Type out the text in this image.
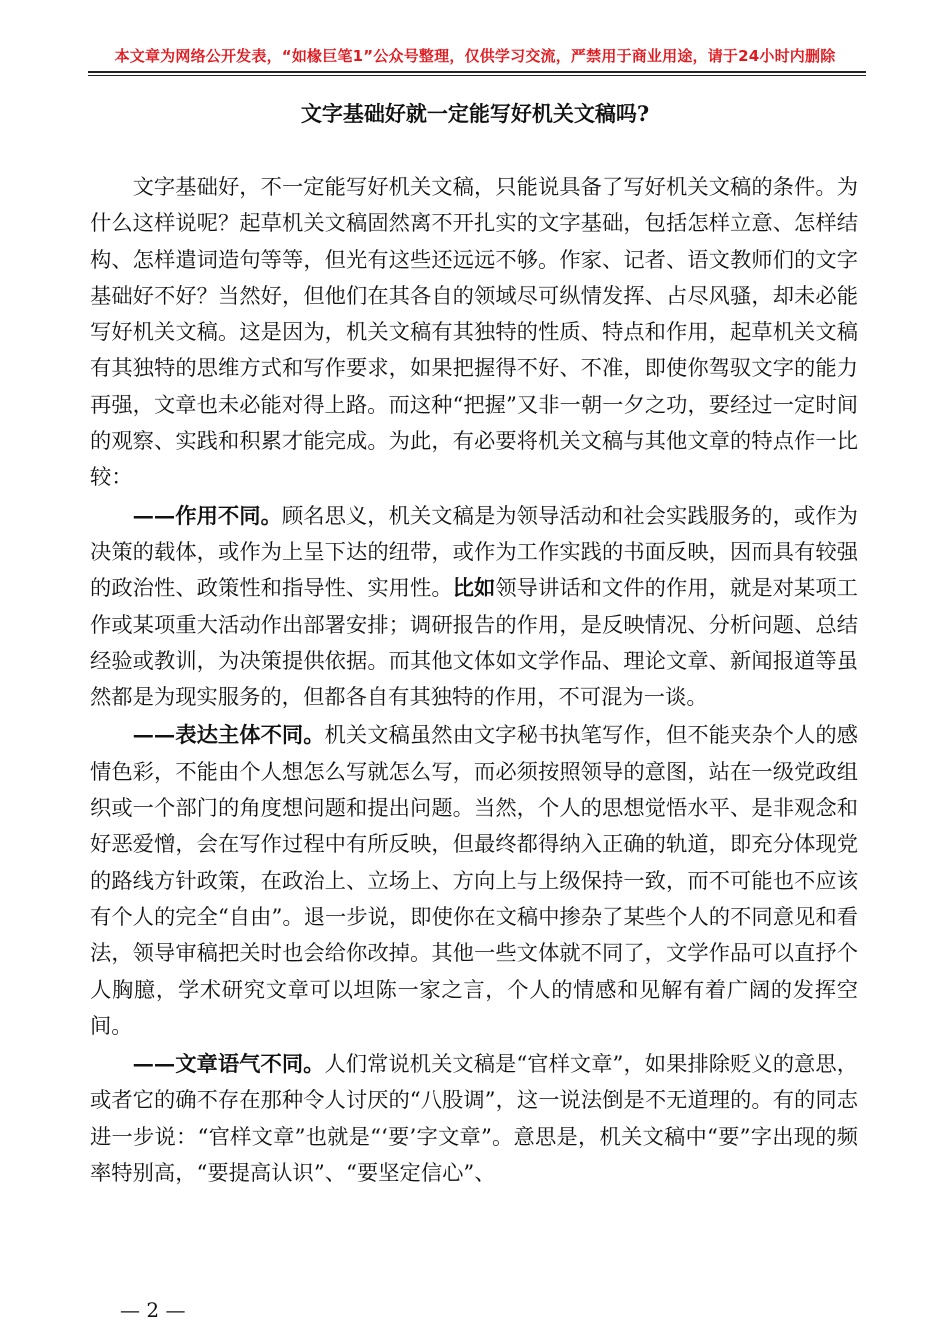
本文章为网络公开发表，“如椽巨笔1”公众号整理，仅供学习交流，严禁用于商业用途，请于24小时内删除
文字基础好就一定能写好机关文稿吗?

文字基础好，不一定能写好机关文稿，只能说具备了写好机关文稿的条件。为什么这样说呢？起草机关文稿固然离不开扎实的文字基础，包括怎样立意、怎样结构、怎样遣词造句等等，但光有这些还远远不够。作家、记者、语文教师们的文字基础好不好？当然好，但他们在其各自的领域尽可纵情发挥、占尽风骚，却未必能写好机关文稿。这是因为，机关文稿有其独特的性质、特点和作用，起草机关文稿有其独特的思维方式和写作要求，如果把握得不好、不准，即使你驾驭文字的能力再强，文章也未必能对得上路。而这种“把握”又非一朝一夕之功，要经过一定时间的观察、实践和积累才能完成。为此，有必要将机关文稿与其他文章的特点作一比较：

——作用不同。顾名思义，机关文稿是为领导活动和社会实践服务的，或作为决策的载体，或作为上呈下达的纽带，或作为工作实践的书面反映，因而具有较强的政治性、政策性和指导性、实用性。比如领导讲话和文件的作用，就是对某项工作或某项重大活动作出部署安排；调研报告的作用，是反映情况、分析问题、总结经验或教训，为决策提供依据。而其他文体如文学作品、理论文章、新闻报道等虽然都是为现实服务的，但都各自有其独特的作用，不可混为一谈。

——表达主体不同。机关文稿虽然由文字秘书执笔写作，但不能夹杂个人的感情色彩，不能由个人想怎么写就怎么写，而必须按照领导的意图，站在一级党政组织或一个部门的角度想问题和提出问题。当然，个人的思想觉悟水平、是非观念和好恶爱憎，会在写作过程中有所反映，但最终都得纳入正确的轨道，即充分体现党的路线方针政策，在政治上、立场上、方向上与上级保持一致，而不可能也不应该有个人的完全“自由”。退一步说，即使你在文稿中掺杂了某些个人的不同意见和看法，领导审稿把关时也会给你改掉。其他一些文体就不同了，文学作品可以直抒个人胸臆，学术研究文章可以坦陈一家之言，个人的情感和见解有着广阔的发挥空间。

——文章语气不同。人们常说机关文稿是“官样文章”，如果排除贬义的意思，或者它的确不存在那种令人讨厌的“八股调”，这一说法倒是不无道理的。有的同志进一步说：“官样文章”也就是“‘要’字文章”。意思是，机关文稿中“要”字出现的频率特别高，“要提高认识”、“要坚定信心”、

— 2 —
